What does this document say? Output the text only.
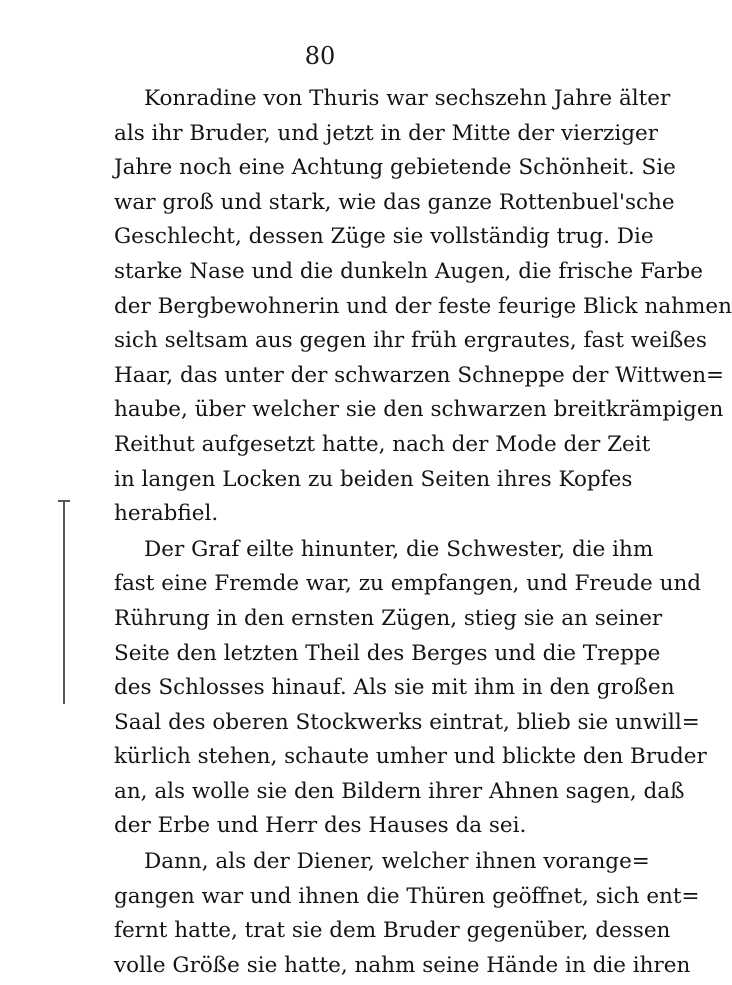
80
Konradine von Thuris war sechszehn Jahre älter
als ihr Bruder, und jetzt in der Mitte der vierziger
Jahre noch eine Achtung gebietende Schönheit. Sie
war groß und stark, wie das ganze Rottenbuel'sche
Geschlecht, dessen Züge sie vollständig trug. Die
starke Nase und die dunkeln Augen, die frische Farbe
der Bergbewohnerin und der feste feurige Blick nahmen
sich seltsam aus gegen ihr früh ergrautes, fast weißes
Haar, das unter der schwarzen Schneppe der Wittwen=
haube, über welcher sie den schwarzen breitkrämpigen
Reithut aufgesetzt hatte, nach der Mode der Zeit
in langen Locken zu beiden Seiten ihres Kopfes
herabfiel.
Der Graf eilte hinunter, die Schwester, die ihm
fast eine Fremde war, zu empfangen, und Freude und
Rührung in den ernsten Zügen, stieg sie an seiner
Seite den letzten Theil des Berges und die Treppe
des Schlosses hinauf. Als sie mit ihm in den großen
Saal des oberen Stockwerks eintrat, blieb sie unwill=
kürlich stehen, schaute umher und blickte den Bruder
an, als wolle sie den Bildern ihrer Ahnen sagen, daß
der Erbe und Herr des Hauses da sei.
Dann, als der Diener, welcher ihnen vorange=
gangen war und ihnen die Thüren geöffnet, sich ent=
fernt hatte, trat sie dem Bruder gegenüber, dessen
volle Größe sie hatte, nahm seine Hände in die ihren
